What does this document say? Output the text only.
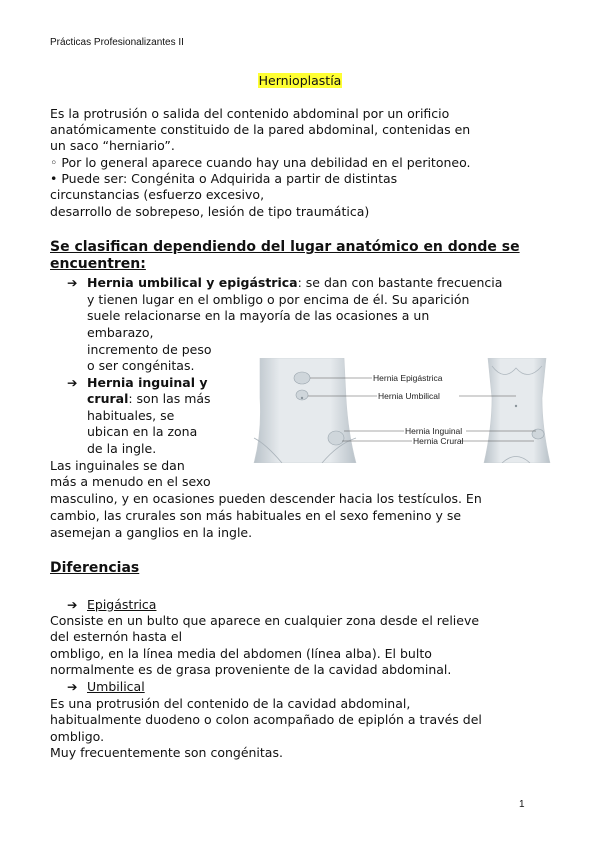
Prácticas Profesionalizantes II
Hernioplastía
Es la protrusión o salida del contenido abdominal por un orificio
anatómicamente constituido de la pared abdominal, contenidas en
un saco “herniario”.
◦ Por lo general aparece cuando hay una debilidad en el peritoneo.
• Puede ser: Congénita o Adquirida a partir de distintas
circunstancias (esfuerzo excesivo,
desarrollo de sobrepeso, lesión de tipo traumática)
Se clasifican dependiendo del lugar anatómico en donde se
encuentren:
➔ Hernia umbilical y epigástrica: se dan con bastante frecuencia
y tienen lugar en el ombligo o por encima de él. Su aparición
suele relacionarse en la mayoría de las ocasiones a un
embarazo,
incremento de peso
o ser congénitas.
➔ Hernia inguinal y
crural: son las más
habituales, se
ubican en la zona
de la ingle.
Las inguinales se dan
más a menudo en el sexo
masculino, y en ocasiones pueden descender hacia los testículos. En
cambio, las crurales son más habituales en el sexo femenino y se
asemejan a ganglios en la ingle.
Hernia Epigástrica
Hernia Umbilical
Hernia Inguinal
Hernia Crural
Diferencias
➔ Epigástrica
Consiste en un bulto que aparece en cualquier zona desde el relieve
del esternón hasta el
ombligo, en la línea media del abdomen (línea alba). El bulto
normalmente es de grasa proveniente de la cavidad abdominal.
➔ Umbilical
Es una protrusión del contenido de la cavidad abdominal,
habitualmente duodeno o colon acompañado de epiplón a través del
ombligo.
Muy frecuentemente son congénitas.
1
